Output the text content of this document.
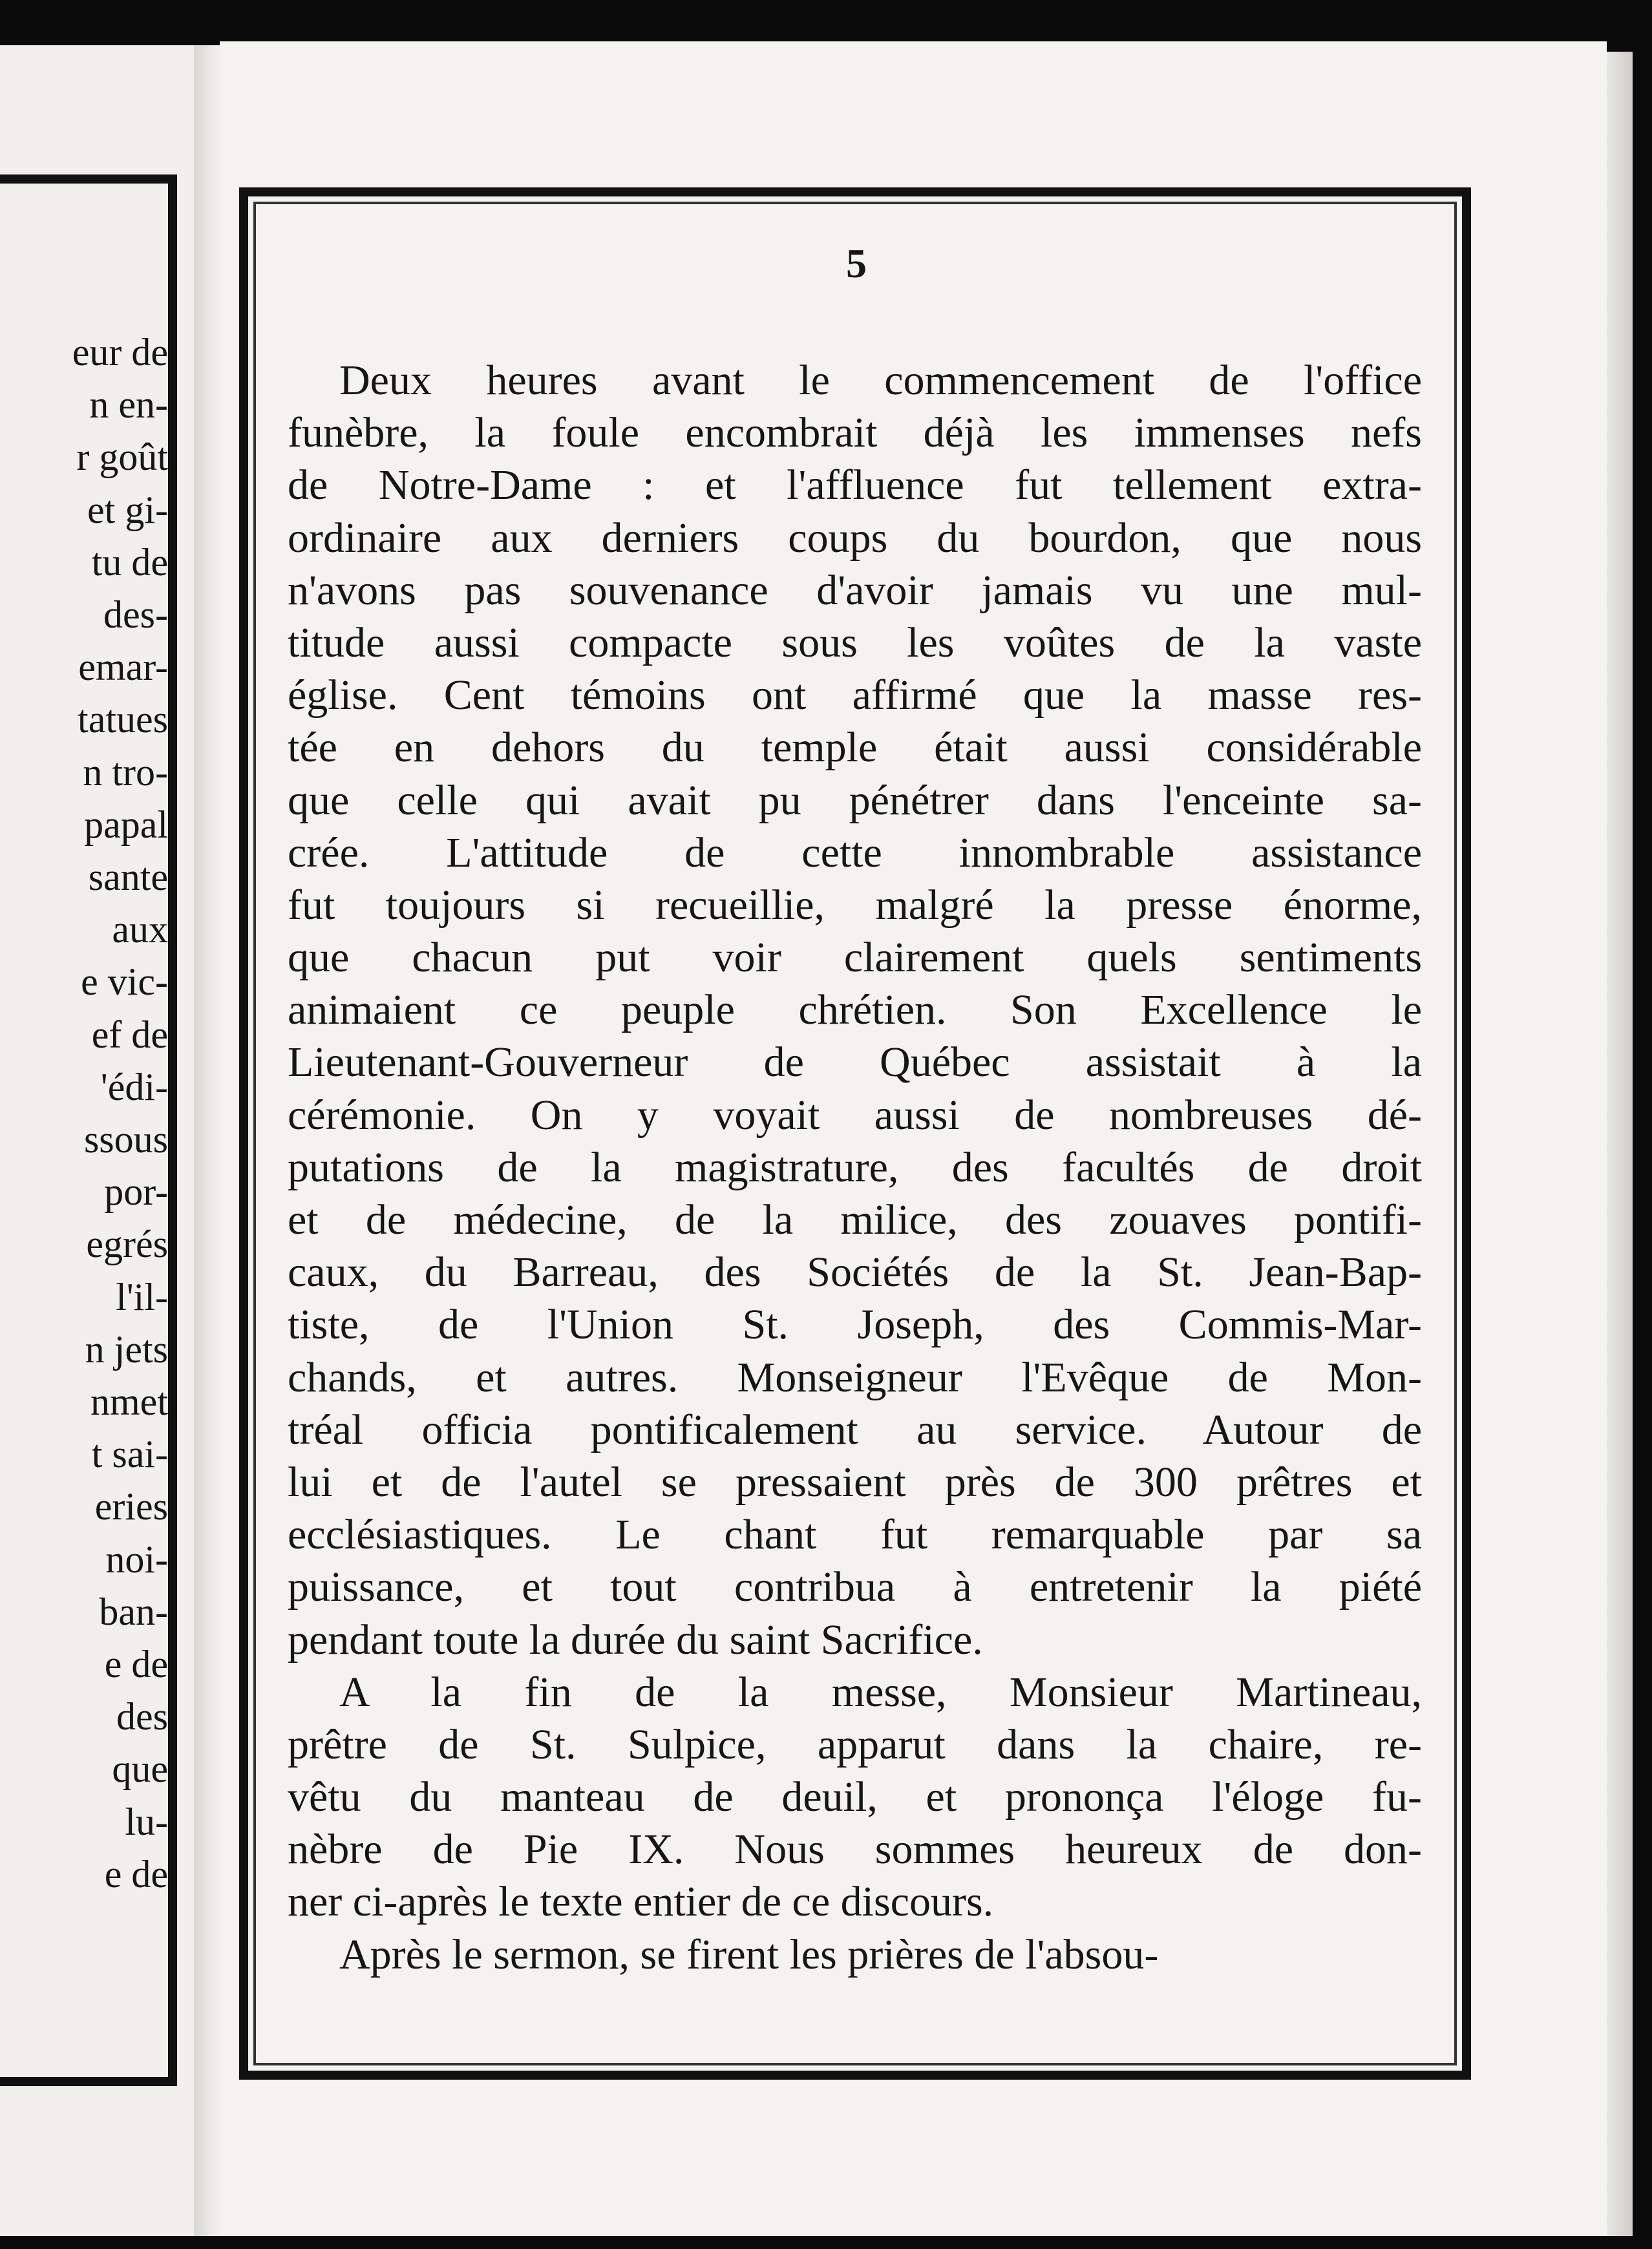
eur de
n en-
r goût
et gi-
tu de
des-
emar-
tatues
n tro-
papal
sante
aux
e vic-
ef de
'édi-
ssous
por-
egrés
l'il-
n jets
nmet
t sai-
eries
noi-
ban-
e de
des
que
lu-
e de
5
Deux heures avant le commencement de l'office
funèbre, la foule encombrait déjà les immenses nefs
de Notre-Dame : et l'affluence fut tellement extra-
ordinaire aux derniers coups du bourdon, que nous
n'avons pas souvenance d'avoir jamais vu une mul-
titude aussi compacte sous les voûtes de la vaste
église. Cent témoins ont affirmé que la masse res-
tée en dehors du temple était aussi considérable
que celle qui avait pu pénétrer dans l'enceinte sa-
crée. L'attitude de cette innombrable assistance
fut toujours si recueillie, malgré la presse énorme,
que chacun put voir clairement quels sentiments
animaient ce peuple chrétien. Son Excellence le
Lieutenant-Gouverneur de Québec assistait à la
cérémonie. On y voyait aussi de nombreuses dé-
putations de la magistrature, des facultés de droit
et de médecine, de la milice, des zouaves pontifi-
caux, du Barreau, des Sociétés de la St. Jean-Bap-
tiste, de l'Union St. Joseph, des Commis-Mar-
chands, et autres. Monseigneur l'Evêque de Mon-
tréal officia pontificalement au service. Autour de
lui et de l'autel se pressaient près de 300 prêtres et
ecclésiastiques. Le chant fut remarquable par sa
puissance, et tout contribua à entretenir la piété
pendant toute la durée du saint Sacrifice.
A la fin de la messe, Monsieur Martineau,
prêtre de St. Sulpice, apparut dans la chaire, re-
vêtu du manteau de deuil, et prononça l'éloge fu-
nèbre de Pie IX. Nous sommes heureux de don-
ner ci-après le texte entier de ce discours.
Après le sermon, se firent les prières de l'absou-
